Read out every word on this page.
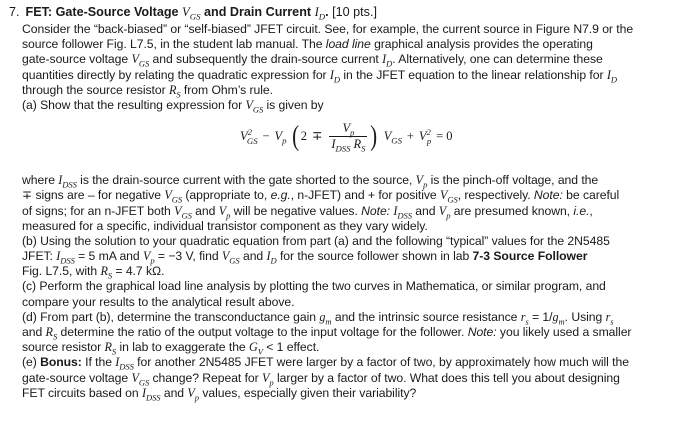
7. FET: Gate-Source Voltage $V_{GS}$ and Drain Current $I_D$. [10 pts.]
Consider the “back-biased” or “self-biased” JFET circuit. See, for example, the current source in Figure N7.9 or the
source follower Fig. L7.5, in the student lab manual. The load line graphical analysis provides the operating
gate-source voltage $V_{GS}$ and subsequently the drain-source current $I_D$. Alternatively, one can determine these
quantities directly by relating the quadratic expression for $I_D$ in the JFET equation to the linear relationship for $I_D$
through the source resistor $R_S$ from Ohm’s rule.
(a) Show that the resulting expression for $V_{GS}$ is given by
$V^2_{GS} - V_p$ ( $2 \mp \frac{V_p}{I_{DSS} R_S}$ ) $V_{GS} + V^2_p = 0$
where $I_{DSS}$ is the drain-source current with the gate shorted to the source, $V_p$ is the pinch-off voltage, and the
∓ signs are – for negative $V_{GS}$ (appropriate to, e.g., n-JFET) and + for positive $V_{GS}$, respectively. Note: be careful
of signs; for an n-JFET both $V_{GS}$ and $V_p$ will be negative values. Note: $I_{DSS}$ and $V_p$ are presumed known, i.e.,
measured for a specific, individual transistor component as they vary widely.
(b) Using the solution to your quadratic equation from part (a) and the following “typical” values for the 2N5485
JFET: $I_{DSS} = 5$ mA and $V_p = -3$ V, find $V_{GS}$ and $I_D$ for the source follower shown in lab 7-3 Source Follower
Fig. L7.5, with $R_S = 4.7$ kΩ.
(c) Perform the graphical load line analysis by plotting the two curves in Mathematica, or similar program, and
compare your results to the analytical result above.
(d) From part (b), determine the transconductance gain $g_m$ and the intrinsic source resistance $r_s = 1/g_m$. Using $r_s$
and $R_S$ determine the ratio of the output voltage to the input voltage for the follower. Note: you likely used a smaller
source resistor $R_S$ in lab to exaggerate the $G_V < 1$ effect.
(e) Bonus: If the $I_{DSS}$ for another 2N5485 JFET were larger by a factor of two, by approximately how much will the
gate-source voltage $V_{GS}$ change? Repeat for $V_p$ larger by a factor of two. What does this tell you about designing
FET circuits based on $I_{DSS}$ and $V_p$ values, especially given their variability?
